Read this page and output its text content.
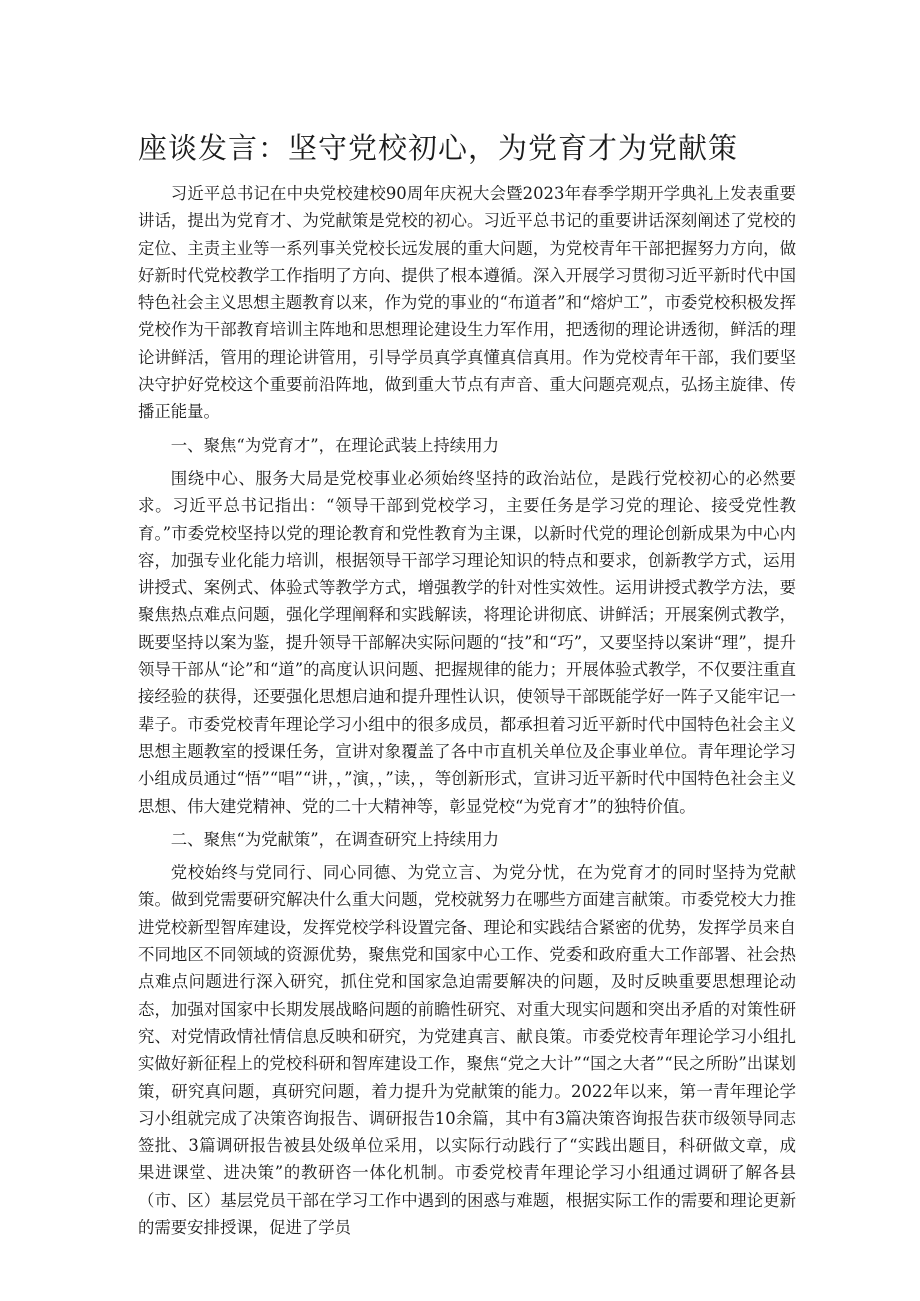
座谈发言：坚守党校初心，为党育才为党献策

习近平总书记在中央党校建校90周年庆祝大会暨2023年春季学期开学典礼上发表重要讲话，提出为党育才、为党献策是党校的初心。习近平总书记的重要讲话深刻阐述了党校的定位、主责主业等一系列事关党校长远发展的重大问题，为党校青年干部把握努力方向，做好新时代党校教学工作指明了方向、提供了根本遵循。深入开展学习贯彻习近平新时代中国特色社会主义思想主题教育以来，作为党的事业的“布道者”和“熔炉工”，市委党校积极发挥党校作为干部教育培训主阵地和思想理论建设生力军作用，把透彻的理论讲透彻，鲜活的理论讲鲜活，管用的理论讲管用，引导学员真学真懂真信真用。作为党校青年干部，我们要坚决守护好党校这个重要前沿阵地，做到重大节点有声音、重大问题亮观点，弘扬主旋律、传播正能量。

一、聚焦“为党育才”，在理论武装上持续用力

围绕中心、服务大局是党校事业必须始终坚持的政治站位，是践行党校初心的必然要求。习近平总书记指出：“领导干部到党校学习，主要任务是学习党的理论、接受党性教育。”市委党校坚持以党的理论教育和党性教育为主课，以新时代党的理论创新成果为中心内容，加强专业化能力培训，根据领导干部学习理论知识的特点和要求，创新教学方式，运用讲授式、案例式、体验式等教学方式，增强教学的针对性实效性。运用讲授式教学方法，要聚焦热点难点问题，强化学理阐释和实践解读，将理论讲彻底、讲鲜活；开展案例式教学，既要坚持以案为鉴，提升领导干部解决实际问题的“技”和“巧”，又要坚持以案讲“理”，提升领导干部从“论”和“道”的高度认识问题、把握规律的能力；开展体验式教学，不仅要注重直接经验的获得，还要强化思想启迪和提升理性认识，使领导干部既能学好一阵子又能牢记一辈子。市委党校青年理论学习小组中的很多成员，都承担着习近平新时代中国特色社会主义思想主题教室的授课任务，宣讲对象覆盖了各中市直机关单位及企事业单位。青年理论学习小组成员通过“悟”“唱”“讲，，”演，，”读，，等创新形式，宣讲习近平新时代中国特色社会主义思想、伟大建党精神、党的二十大精神等，彰显党校“为党育才”的独特价值。

二、聚焦“为党献策”，在调查研究上持续用力

党校始终与党同行、同心同德、为党立言、为党分忧，在为党育才的同时坚持为党献策。做到党需要研究解决什么重大问题，党校就努力在哪些方面建言献策。市委党校大力推进党校新型智库建设，发挥党校学科设置完备、理论和实践结合紧密的优势，发挥学员来自不同地区不同领域的资源优势，聚焦党和国家中心工作、党委和政府重大工作部署、社会热点难点问题进行深入研究，抓住党和国家急迫需要解决的问题，及时反映重要思想理论动态，加强对国家中长期发展战略问题的前瞻性研究、对重大现实问题和突出矛盾的对策性研究、对党情政情社情信息反映和研究，为党建真言、献良策。市委党校青年理论学习小组扎实做好新征程上的党校科研和智库建设工作，聚焦“党之大计”“国之大者”“民之所盼”出谋划策，研究真问题，真研究问题，着力提升为党献策的能力。2022年以来，第一青年理论学习小组就完成了决策咨询报告、调研报告10余篇，其中有3篇决策咨询报告获市级领导同志签批、3篇调研报告被县处级单位采用，以实际行动践行了“实践出题目，科研做文章，成果进课堂、进决策”的教研咨一体化机制。市委党校青年理论学习小组通过调研了解各县（市、区）基层党员干部在学习工作中遇到的困惑与难题，根据实际工作的需要和理论更新的需要安排授课，促进了学员
